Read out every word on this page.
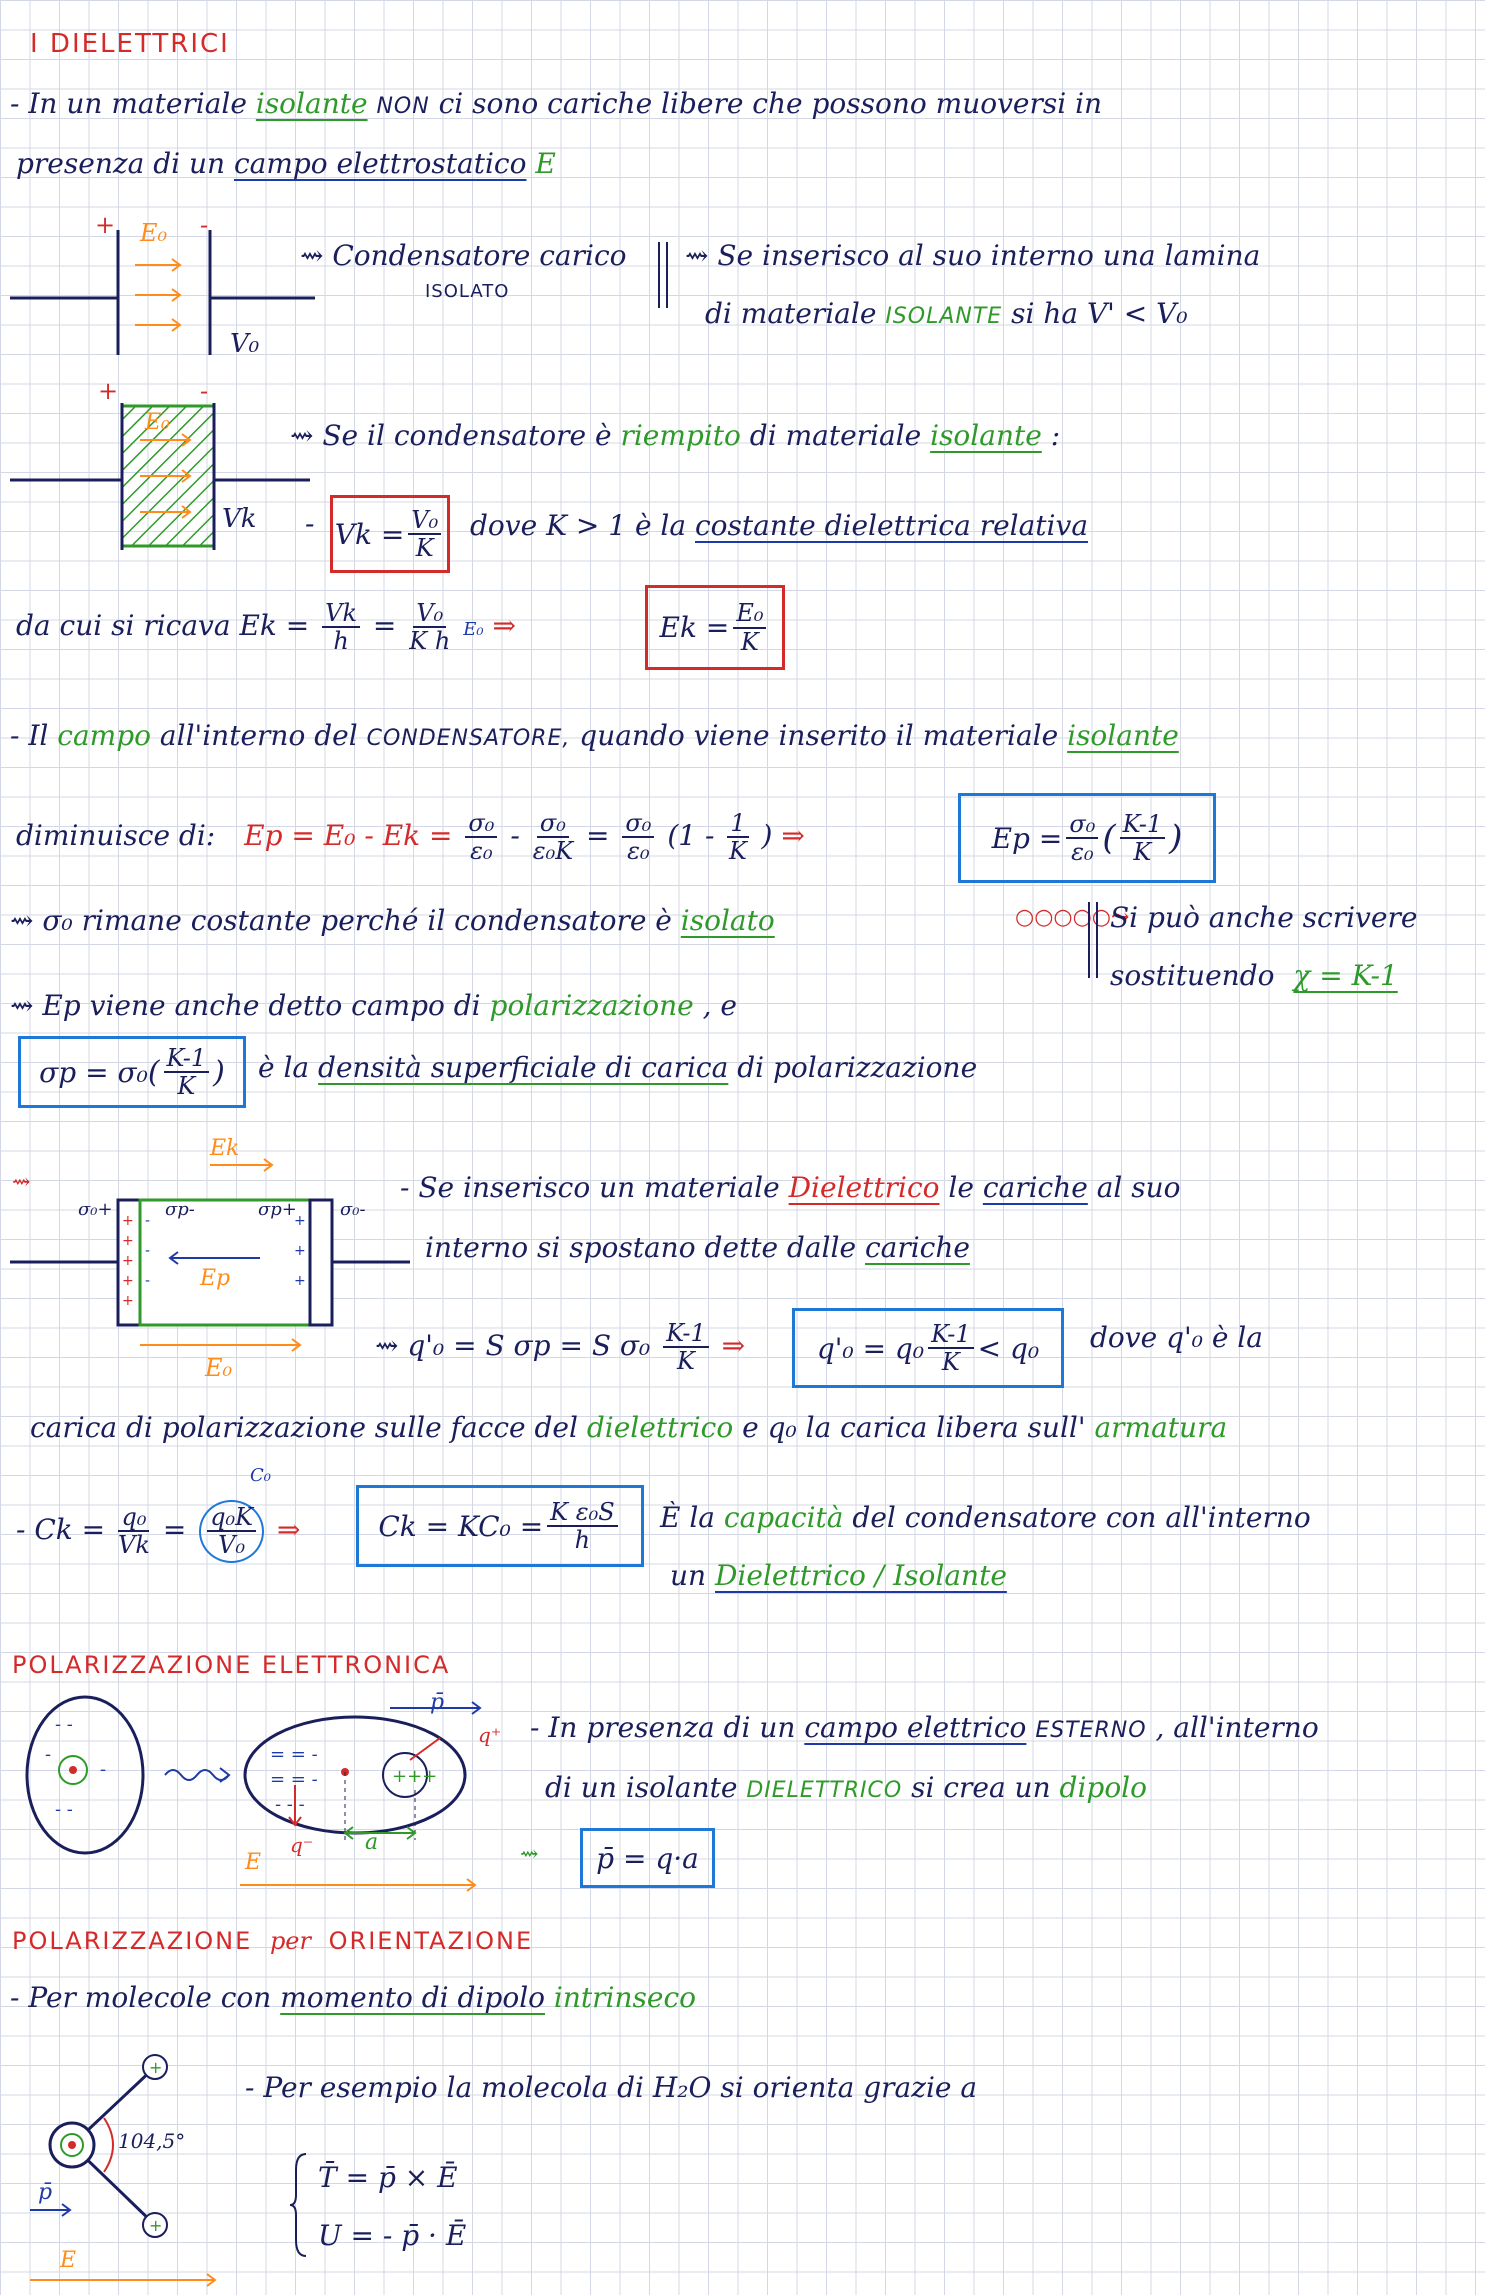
I DIELETTRICI
- In un materiale isolante NON ci sono cariche libere che possono muoversi in
presenza di un campo elettrostatico E
+	-
E₀
V₀
⇝ Condensatore carico
ISOLATO
⇝ Se inserisco al suo interno una lamina
di materiale ISOLANTE si ha V' < V₀
+	-
E₀
Vk
⇝ Se il condensatore è riempito di materiale isolante :
- $Vk = \frac{\text{V₀}}{K}$ dove K > 1 è la costante dielettrica relativa
da cui si ricava $Ek = \frac{Vk}{h} = \frac{\text{V₀}}{\text{K h}} E_0$ ⇒	$Ek = \frac{\text{E₀}}{K}$
- Il campo all'interno del CONDENSATORE, quando viene inserito il materiale isolante
diminuisce di: $Ep = E_0 - Ek = \frac{\text{σ₀}}{\text{ε₀}} - \frac{\text{σ₀}}{\text{ε₀K}} = \frac{\text{σ₀}}{\text{ε₀}} (1 - \frac{1}{K}$ ) ⇒	$Ep = \frac{\text{σ₀}}{\text{ε₀}}$ ( $\frac{K-1}{K}$ )
⇝ σ₀ rimane costante perché il condensatore è isolato	○○○○○⤳
Si può anche scrivere
sostituendo χ = K-1
⇝ Ep viene anche detto campo di polarizzazione , e
σp = σ₀ ( $\frac{K-1}{K}$ ) è la densità superficiale di carica di polarizzazione
+
+
+
+
+
-
-
-
+
+
+
⇝
Ek
Ep
E₀
σ₀+	σp-	σp+ σ₀-
- Se inserisco un materiale Dielettrico le cariche al suo
interno si spostano dette dalle cariche
⇝ q'₀ = S σp = S $\sigma_0 \frac{K-1}{K}$ ⇒	$q'_0 = q_0 \frac{K-1}{K} < q_0$ dove q'₀ è la
carica di polarizzazione sulle facce del dielettrico e q₀ la carica libera sull' armatura
- $Ck = \frac{\text{q₀}}{Vk} = \frac{\text{q₀K}}{\text{V₀}}$ ⇒
C₀
$Ck = KC_0 = \frac{\text{K ε₀S}}{h}$ È la capacità del condensatore con all'interno
un Dielettrico / Isolante
POLARIZZAZIONE ELETTRONICA
- -
-
-
- -
= = -
= = -
- - -
+++
p̄
q⁺
q⁻ a
E
- In presenza di un campo elettrico ESTERNO , all'interno
di un isolante DIELETTRICO si crea un dipolo
⇝	p̄ = q·a
POLARIZZAZIONE per ORIENTAZIONE
- Per molecole con momento di dipolo intrinseco
+
+
104,5°
p̄
E
- Per esempio la molecola di H₂O si orienta grazie a
T̄ = p̄ × Ē
U = - p̄ · Ē
